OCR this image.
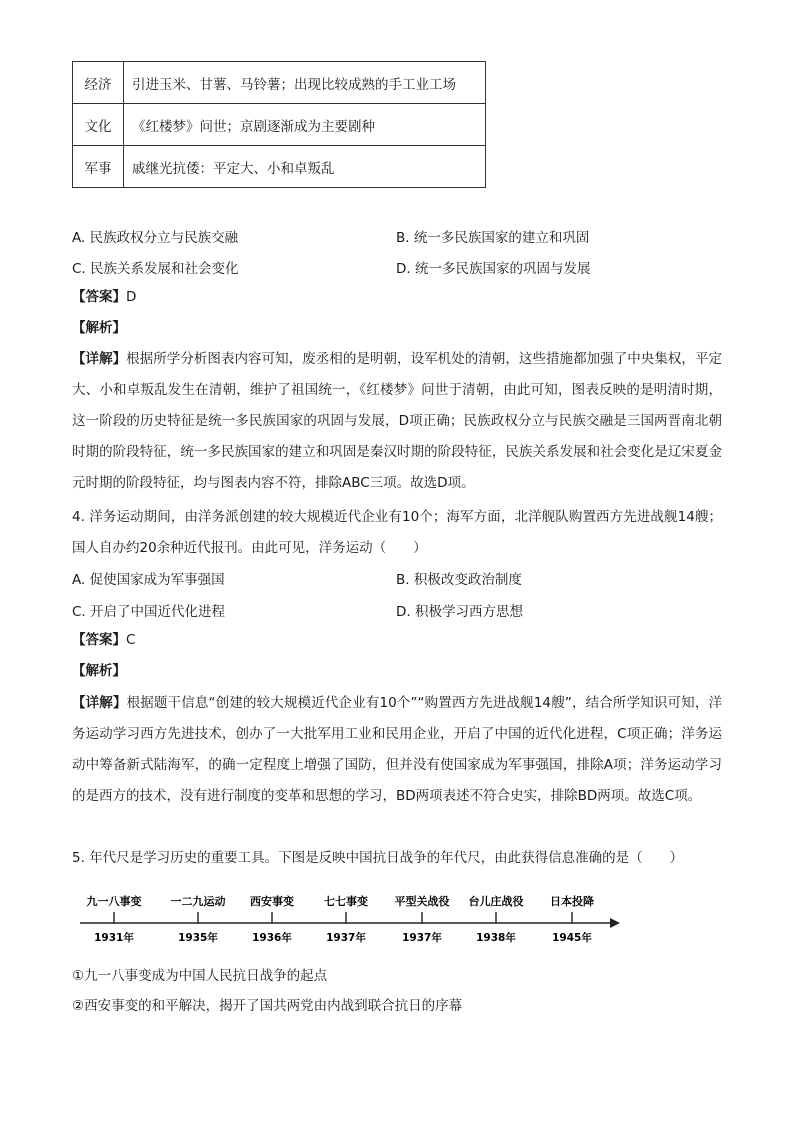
经济	引进玉米、甘薯、马铃薯；出现比较成熟的手工业工场
文化	《红楼梦》问世；京剧逐渐成为主要剧种
军事	戚继光抗倭：平定大、小和卓叛乱
A. 民族政权分立与民族交融	B. 统一多民族国家的建立和巩固
C. 民族关系发展和社会变化	D. 统一多民族国家的巩固与发展
【答案】D
【解析】
【详解】根据所学分析图表内容可知，废丞相的是明朝，设军机处的清朝，这些措施都加强了中央集权，平定大、小和卓叛乱发生在清朝，维护了祖国统一，《红楼梦》问世于清朝，由此可知，图表反映的是明清时期，这一阶段的历史特征是统一多民族国家的巩固与发展，D项正确；民族政权分立与民族交融是三国两晋南北朝时期的阶段特征，统一多民族国家的建立和巩固是秦汉时期的阶段特征，民族关系发展和社会变化是辽宋夏金元时期的阶段特征，均与图表内容不符，排除ABC三项。故选D项。
4. 洋务运动期间，由洋务派创建的较大规模近代企业有10个；海军方面，北洋舰队购置西方先进战舰14艘；国人自办约20余种近代报刊。由此可见，洋务运动（　　）
A. 促使国家成为军事强国	B. 积极改变政治制度
C. 开启了中国近代化进程	D. 积极学习西方思想
【答案】C
【解析】
【详解】根据题干信息“创建的较大规模近代企业有10个”“购置西方先进战舰14艘”，结合所学知识可知，洋务运动学习西方先进技术，创办了一大批军用工业和民用企业，开启了中国的近代化进程，C项正确；洋务运动中筹备新式陆海军，的确一定程度上增强了国防，但并没有使国家成为军事强国，排除A项；洋务运动学习的是西方的技术，没有进行制度的变革和思想的学习，BD两项表述不符合史实，排除BD两项。故选C项。
5. 年代尺是学习历史的重要工具。下图是反映中国抗日战争的年代尺，由此获得信息准确的是（　　）
九一八事变
1931年
一二九运动
1935年
西安事变
1936年
七七事变
1937年
平型关战役
1937年
台儿庄战役
1938年
日本投降
1945年
①九一八事变成为中国人民抗日战争的起点
②西安事变的和平解决，揭开了国共两党由内战到联合抗日的序幕
